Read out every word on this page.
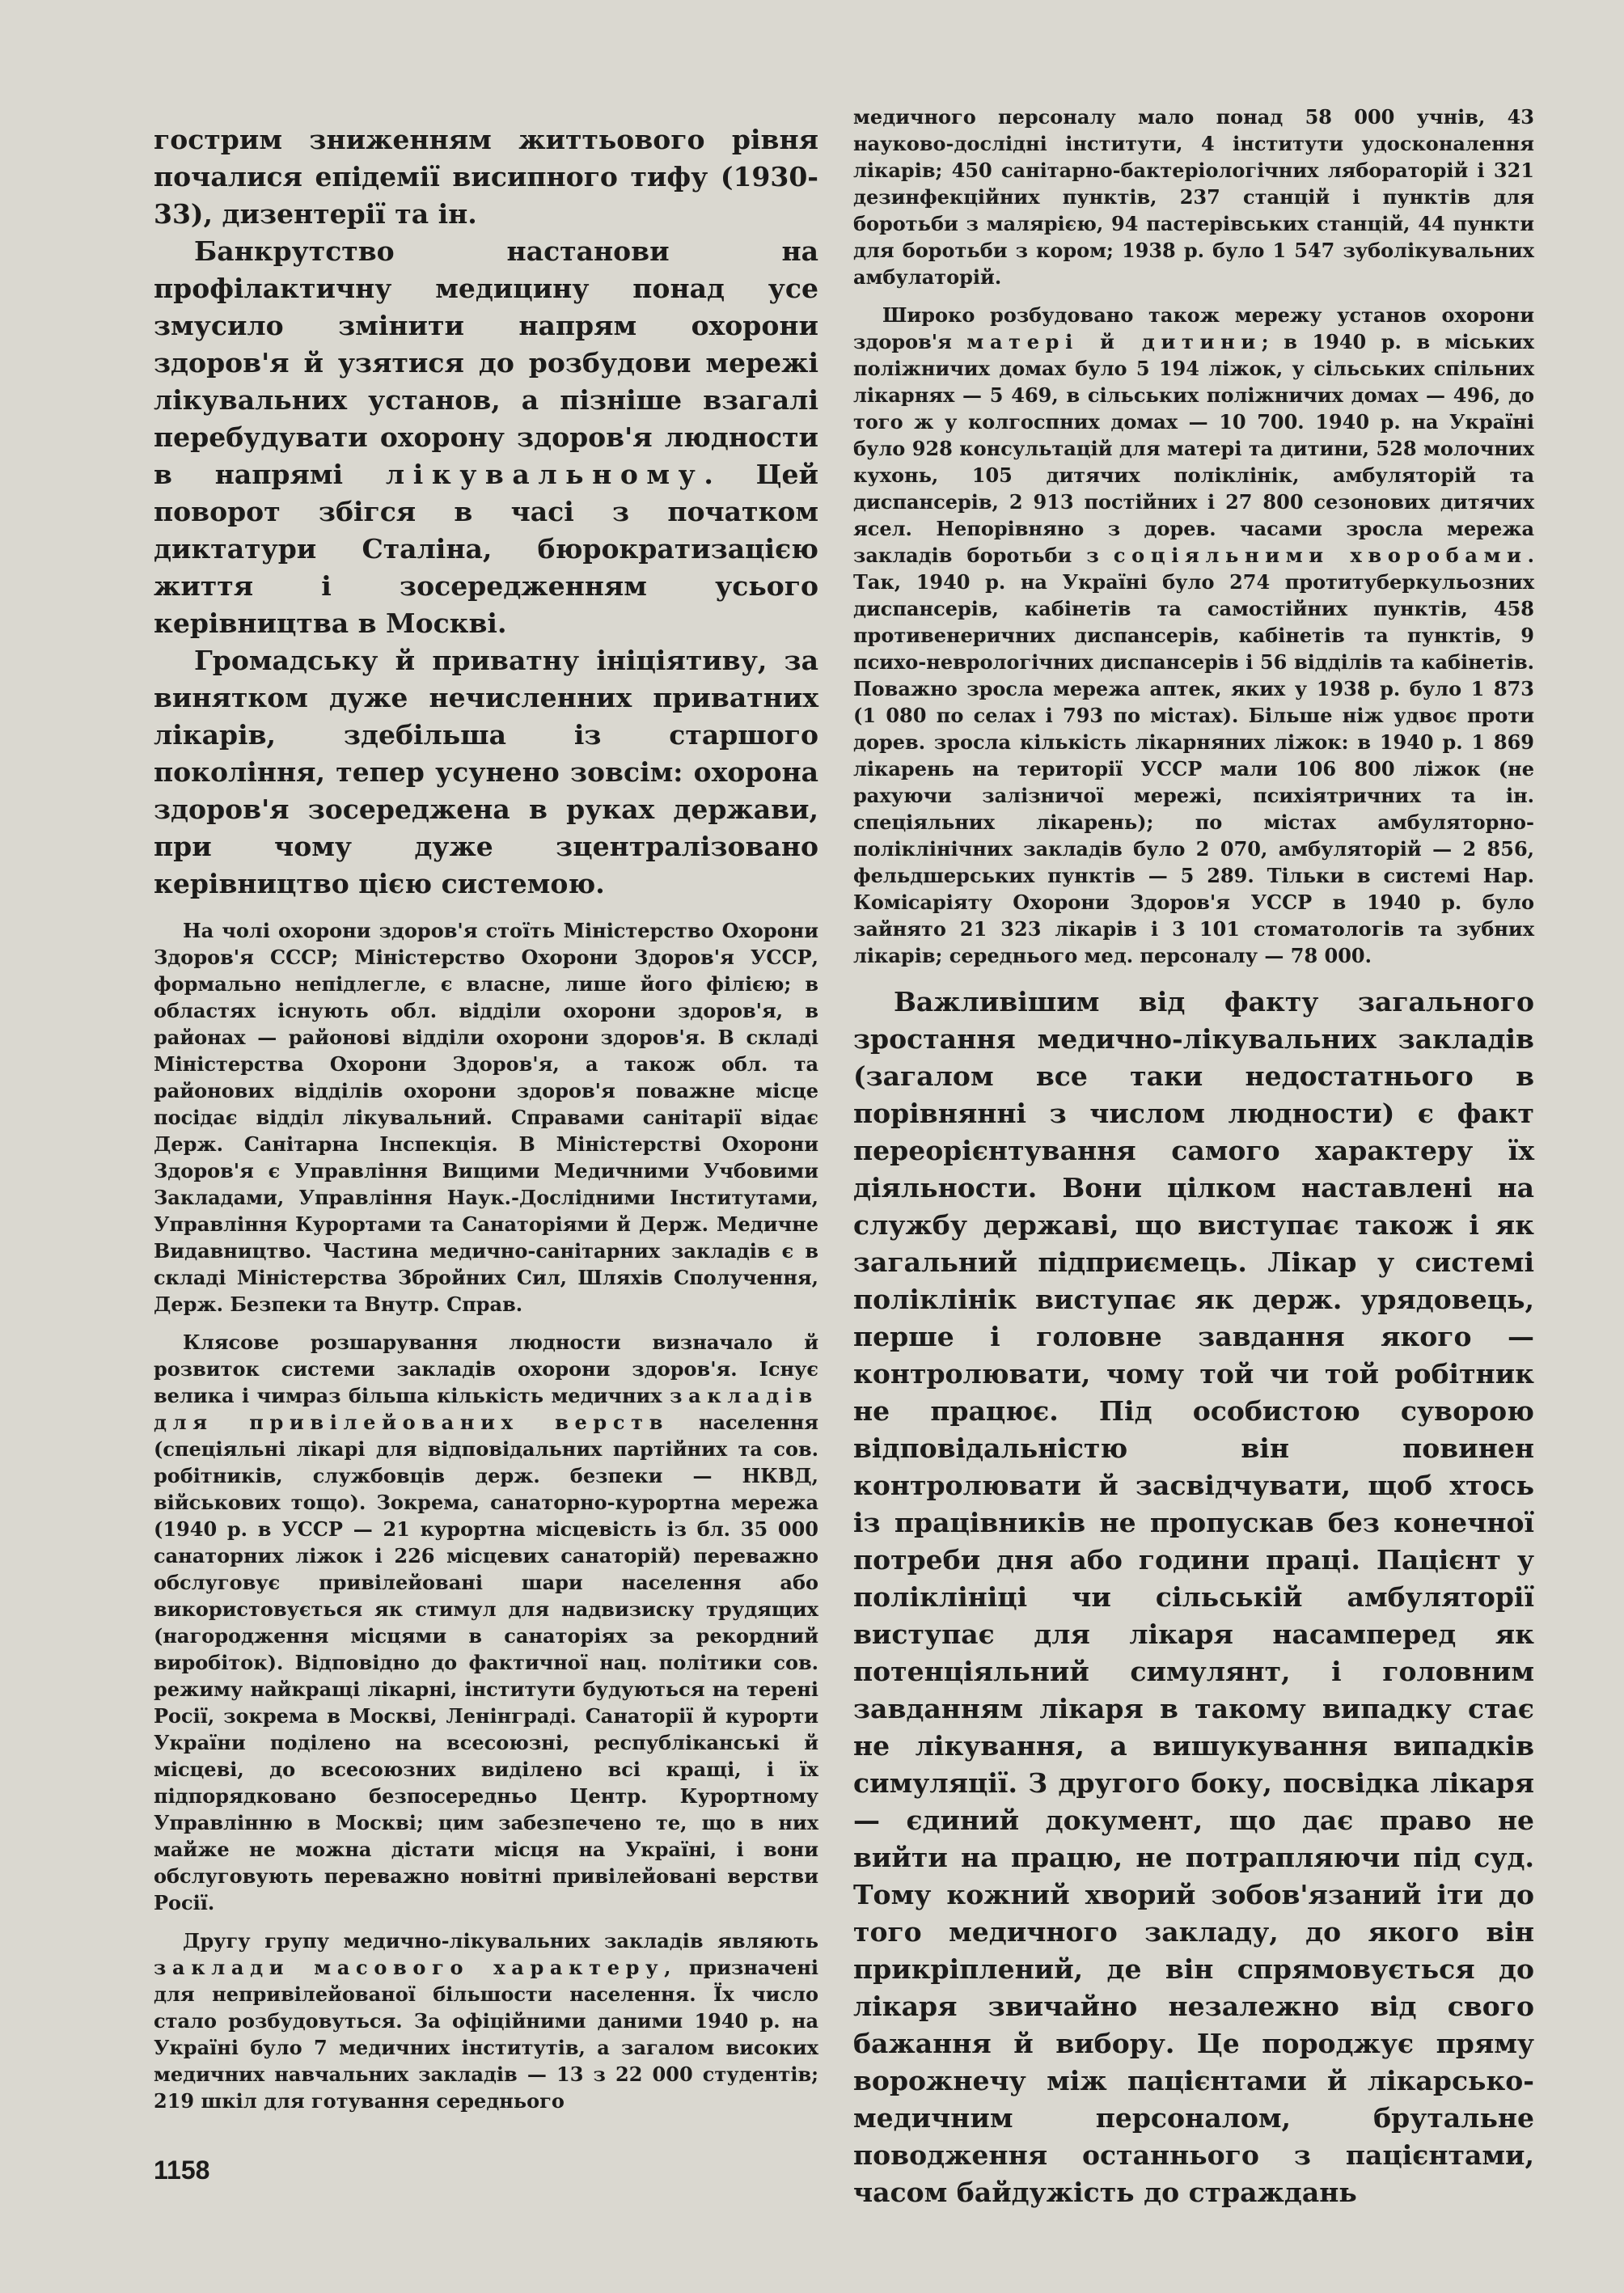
гострим зниженням життьового рівня почалися епідемії висипного тифу (1930-33), дизентерії та ін.

Банкрутство настанови на профілактичну медицину понад усе змусило змінити напрям охорони здоров'я й узятися до розбудови мережі лікувальних установ, а пізніше взагалі перебудувати охорону здоров'я людности в напрямі лікувальному. Цей поворот збігся в часі з початком диктатури Сталіна, бюрократизацією життя і зосередженням усього керівництва в Москві.

Громадську й приватну ініціятиву, за винятком дуже нечисленних приватних лікарів, здебільша із старшого покоління, тепер усунено зовсім: охорона здоров'я зосереджена в руках держави, при чому дуже зцентралізовано керівництво цією системою.

На чолі охорони здоров'я стоїть Міністерство Охорони Здоров'я СССР; Міністерство Охорони Здоров'я УССР, формально непідлегле, є власне, лише його філією; в областях існують обл. відділи охорони здоров'я, в районах — районові відділи охорони здоров'я. В складі Міністерства Охорони Здоров'я, а також обл. та районових відділів охорони здоров'я поважне місце посідає відділ лікувальний. Справами санітарії відає Держ. Санітарна Інспекція. В Міністерстві Охорони Здоров'я є Управління Вищими Медичними Учбовими Закладами, Управління Наук.-Дослідними Інститутами, Управління Курортами та Санаторіями й Держ. Медичне Видавництво. Частина медично-санітарних закладів є в складі Міністерства Збройних Сил, Шляхів Сполучення, Держ. Безпеки та Внутр. Справ.

Клясове розшарування людности визначало й розвиток системи закладів охорони здоров'я. Існує велика і чимраз більша кількість медичних закладів для привілейованих верств населення (спеціяльні лікарі для відповідальних партійних та сов. робітників, службовців держ. безпеки — НКВД, військових тощо). Зокрема, санаторно-курортна мережа (1940 р. в УССР — 21 курортна місцевість із бл. 35 000 санаторних ліжок і 226 місцевих санаторій) переважно обслуговує привілейовані шари населення або використовується як стимул для надвизиску трудящих (нагородження місцями в санаторіях за рекордний виробіток). Відповідно до фактичної нац. політики сов. режиму найкращі лікарні, інститути будуються на терені Росії, зокрема в Москві, Ленінграді. Санаторії й курорти України поділено на всесоюзні, республіканські й місцеві, до всесоюзних виділено всі кращі, і їх підпорядковано безпосередньо Центр. Курортному Управлінню в Москві; цим забезпечено те, що в них майже не можна дістати місця на Україні, і вони обслуговують переважно новітні привілейовані верстви Росії.

Другу групу медично-лікувальних закладів являють заклади масового характеру, призначені для непривілейованої більшости населення. Їх число стало розбудовуться. За офіційними даними 1940 р. на Україні було 7 медичних інститутів, а загалом високих медичних навчальних закладів — 13 з 22 000 студентів; 219 шкіл для готування середнього

медичного персоналу мало понад 58 000 учнів, 43 науково-дослідні інститути, 4 інститути удосконалення лікарів; 450 санітарно-бактеріологічних лябораторій і 321 дезинфекційних пунктів, 237 станцій і пунктів для боротьби з малярією, 94 пастерівських станцій, 44 пункти для боротьби з кором; 1938 р. було 1 547 зуболікувальних амбулаторій.

Широко розбудовано також мережу установ охорони здоров'я матері й дитини; в 1940 р. в міських поліжничих домах було 5 194 ліжок, у сільських спільних лікарнях — 5 469, в сільських поліжничих домах — 496, до того ж у колгоспних домах — 10 700. 1940 р. на Україні було 928 консультацій для матері та дитини, 528 молочних кухонь, 105 дитячих поліклінік, амбуляторій та диспансерів, 2 913 постійних і 27 800 сезонових дитячих ясел. Непорівняно з дорев. часами зросла мережа закладів боротьби з соціяльними хворобами. Так, 1940 р. на Україні було 274 протитуберкульозних диспансерів, кабінетів та самостійних пунктів, 458 противенеричних диспансерів, кабінетів та пунктів, 9 психо-неврологічних диспансерів і 56 відділів та кабінетів. Поважно зросла мережа аптек, яких у 1938 р. було 1 873 (1 080 по селах і 793 по містах). Більше ніж удвоє проти дорев. зросла кількість лікарняних ліжок: в 1940 р. 1 869 лікарень на території УССР мали 106 800 ліжок (не рахуючи залізничої мережі, психіятричних та ін. спеціяльних лікарень); по містах амбуляторно-поліклінічних закладів було 2 070, амбуляторій — 2 856, фельдшерських пунктів — 5 289. Тільки в системі Нар. Комісаріяту Охорони Здоров'я УССР в 1940 р. було зайнято 21 323 лікарів і 3 101 стоматологів та зубних лікарів; середнього мед. персоналу — 78 000.

Важливішим від факту загального зростання медично-лікувальних закладів (загалом все таки недостатнього в порівнянні з числом людности) є факт переорієнтування самого характеру їх діяльности. Вони цілком наставлені на службу державі, що виступає також і як загальний підприємець. Лікар у системі поліклінік виступає як держ. урядовець, перше і головне завдання якого — контролювати, чому той чи той робітник не працює. Під особистою суворою відповідальністю він повинен контролювати й засвідчувати, щоб хтось із працівників не пропускав без конечної потреби дня або години праці. Пацієнт у поліклініці чи сільській амбуляторії виступає для лікаря насамперед як потенціяльний симулянт, і головним завданням лікаря в такому випадку стає не лікування, а вишукування випадків симуляції. З другого боку, посвідка лікаря — єдиний документ, що дає право не вийти на працю, не потрапляючи під суд. Тому кожний хворий зобов'язаний іти до того медичного закладу, до якого він прикріплений, де він спрямовується до лікаря звичайно незалежно від свого бажання й вибору. Це породжує пряму ворожнечу між пацієнтами й лікарсько-медичним персоналом, брутальне поводження останнього з пацієнтами, часом байдужість до страждань

1158
